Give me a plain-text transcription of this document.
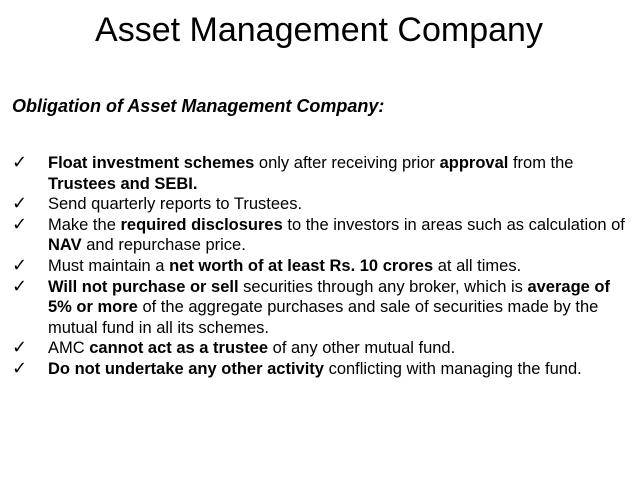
Asset Management Company
Obligation of Asset Management Company:
✓	Float investment schemes only after receiving prior approval from the Trustees and SEBI.
✓	Send quarterly reports to Trustees.
✓	Make the required disclosures to the investors in areas such as calculation of NAV and repurchase price.
✓	Must maintain a net worth of at least Rs. 10 crores at all times.
✓	Will not purchase or sell securities through any broker, which is average of 5% or more of the aggregate purchases and sale of securities made by the mutual fund in all its schemes.
✓	AMC cannot act as a trustee of any other mutual fund.
✓	Do not undertake any other activity conflicting with managing the fund.
